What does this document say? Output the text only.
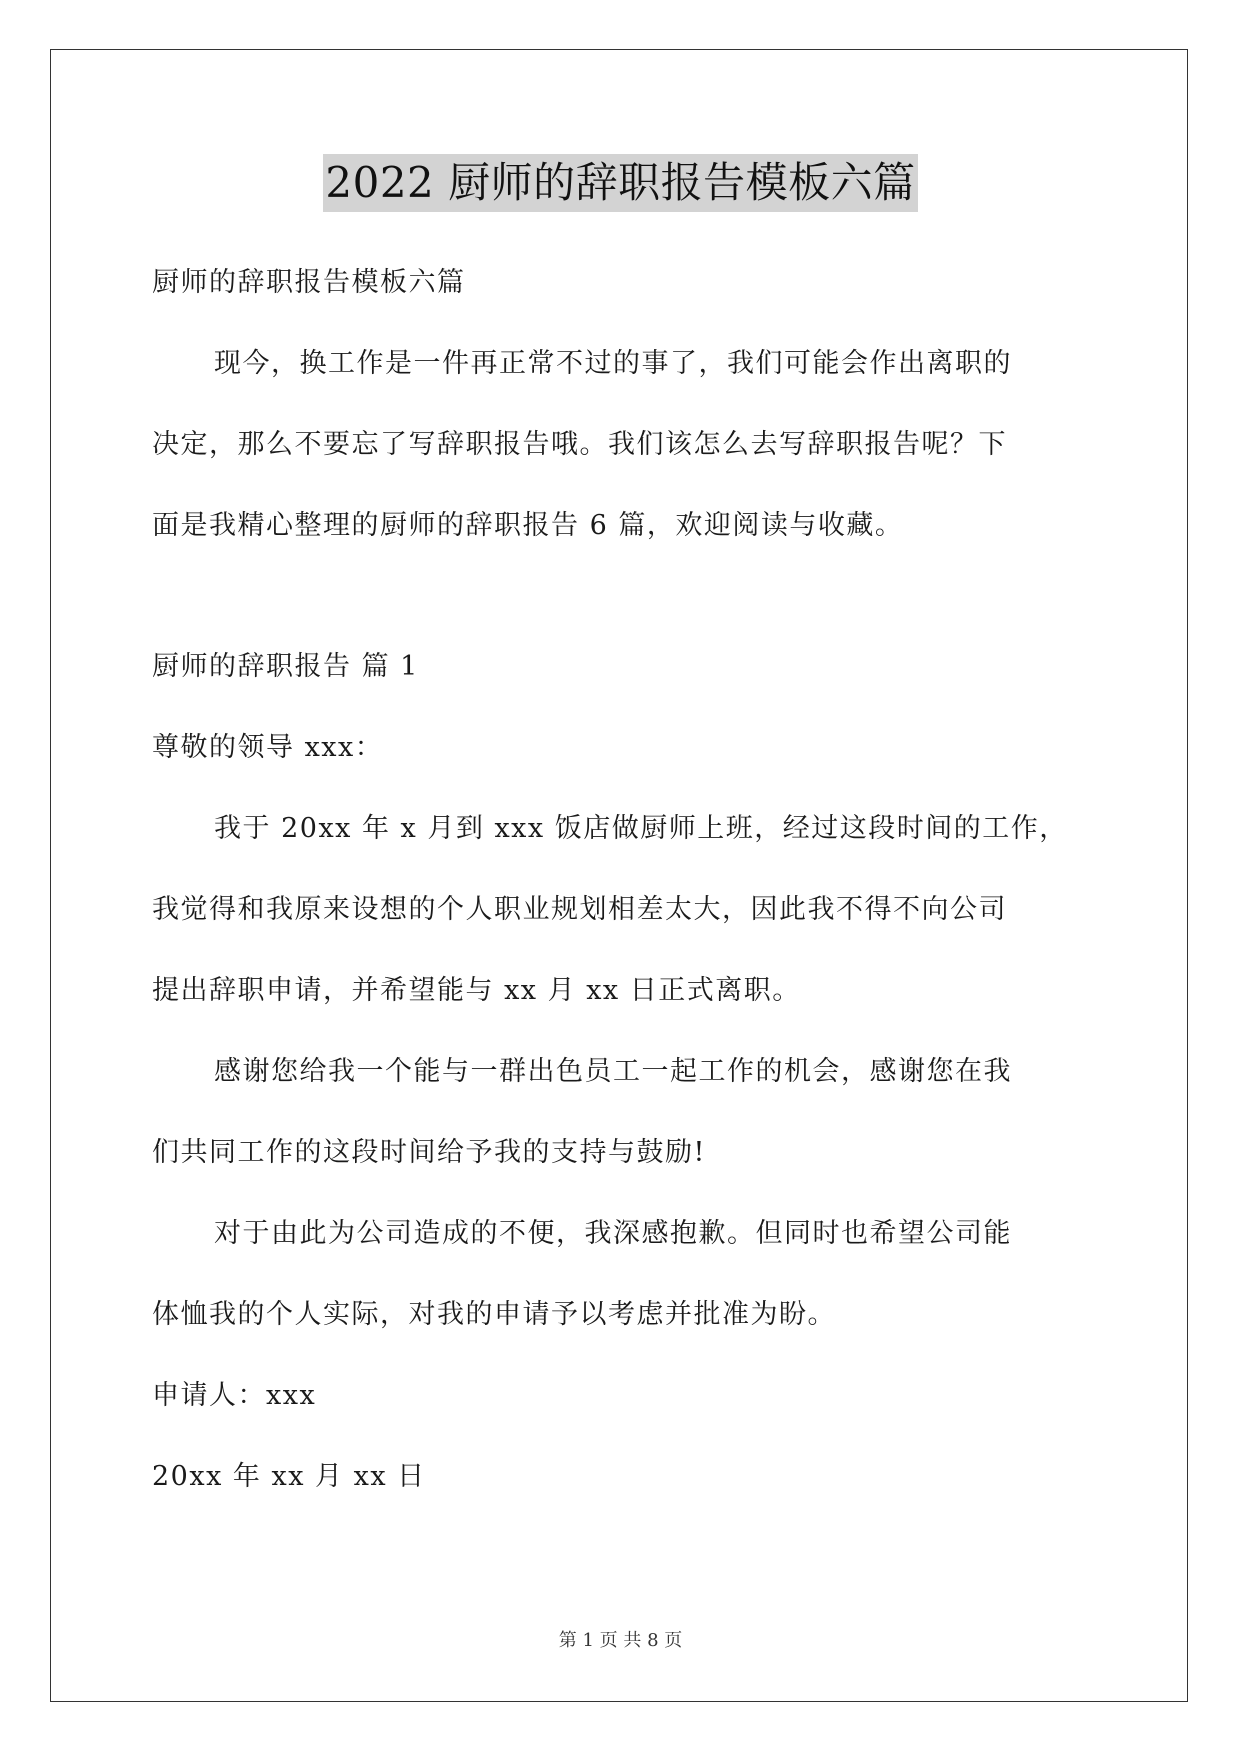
2022 厨师的辞职报告模板六篇
厨师的辞职报告模板六篇
现今，换工作是一件再正常不过的事了，我们可能会作出离职的
决定，那么不要忘了写辞职报告哦。我们该怎么去写辞职报告呢？下
面是我精心整理的厨师的辞职报告 6 篇，欢迎阅读与收藏。
厨师的辞职报告 篇 1
尊敬的领导 xxx：
我于 20xx 年 x 月到 xxx 饭店做厨师上班，经过这段时间的工作，
我觉得和我原来设想的个人职业规划相差太大，因此我不得不向公司
提出辞职申请，并希望能与 xx 月 xx 日正式离职。
感谢您给我一个能与一群出色员工一起工作的机会，感谢您在我
们共同工作的这段时间给予我的支持与鼓励!
对于由此为公司造成的不便，我深感抱歉。但同时也希望公司能
体恤我的个人实际，对我的申请予以考虑并批准为盼。
申请人：xxx
20xx 年 xx 月 xx 日
第 1 页 共 8 页
